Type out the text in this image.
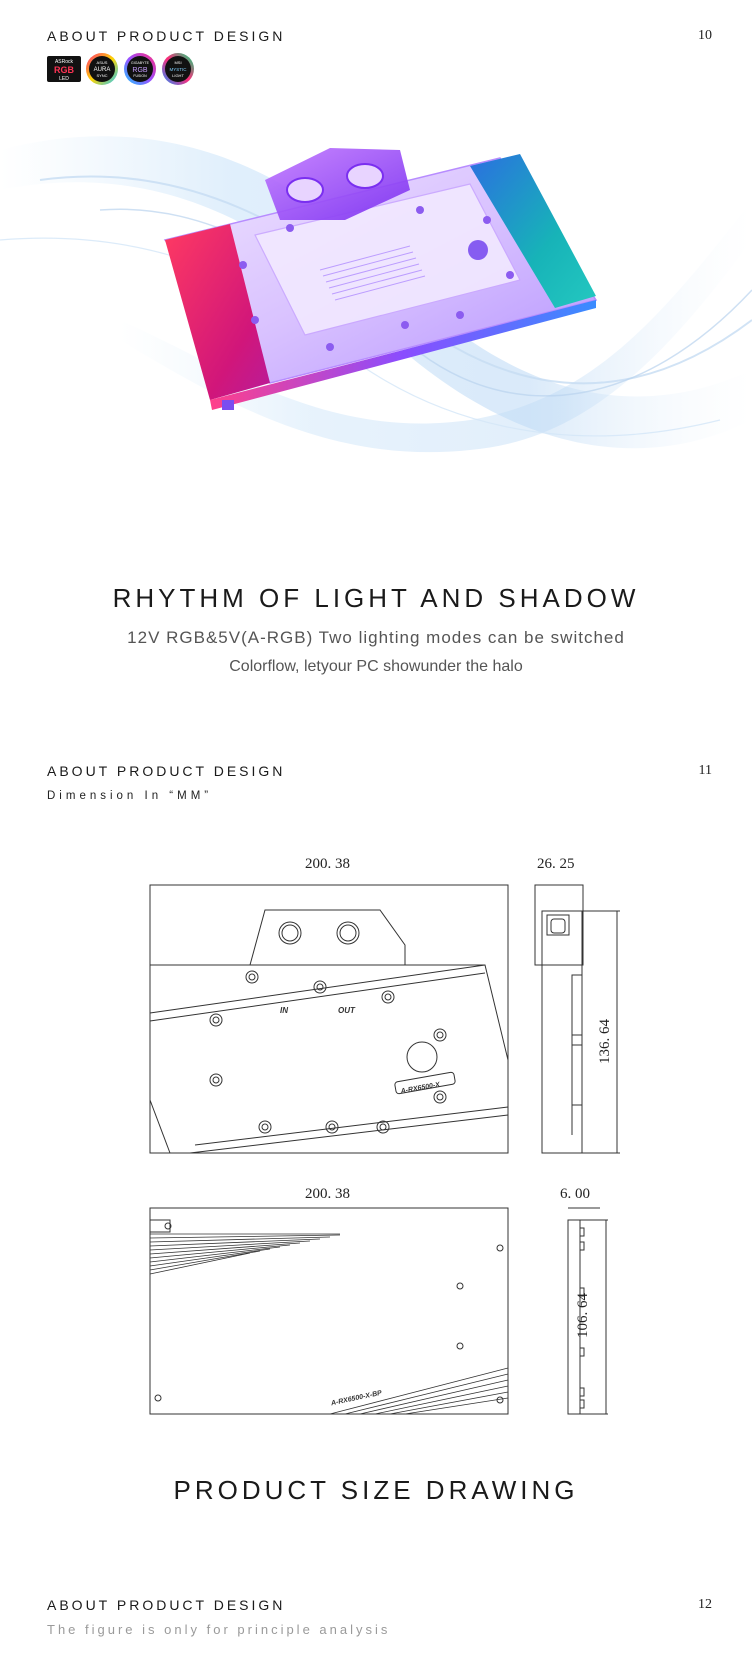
ABOUT PRODUCT DESIGN	10
ASRock
RGB
LED
ASUS
AURA
SYNC
GIGABYTE
RGB
FUSION
MSI
MYSTIC
LIGHT
RHYTHM OF LIGHT AND SHADOW
12V RGB&5V(A-RGB) Two lighting modes can be switched
Colorflow, letyour PC showunder the halo
ABOUT PRODUCT DESIGN	11
Dimension In “MM”
200. 38
IN	OUT
A-RX6500-X
26. 25
136. 64
200. 38
A-RX6500-X-BP
6. 00
106. 64
PRODUCT SIZE DRAWING
ABOUT PRODUCT DESIGN	12
The figure is only for principle analysis
